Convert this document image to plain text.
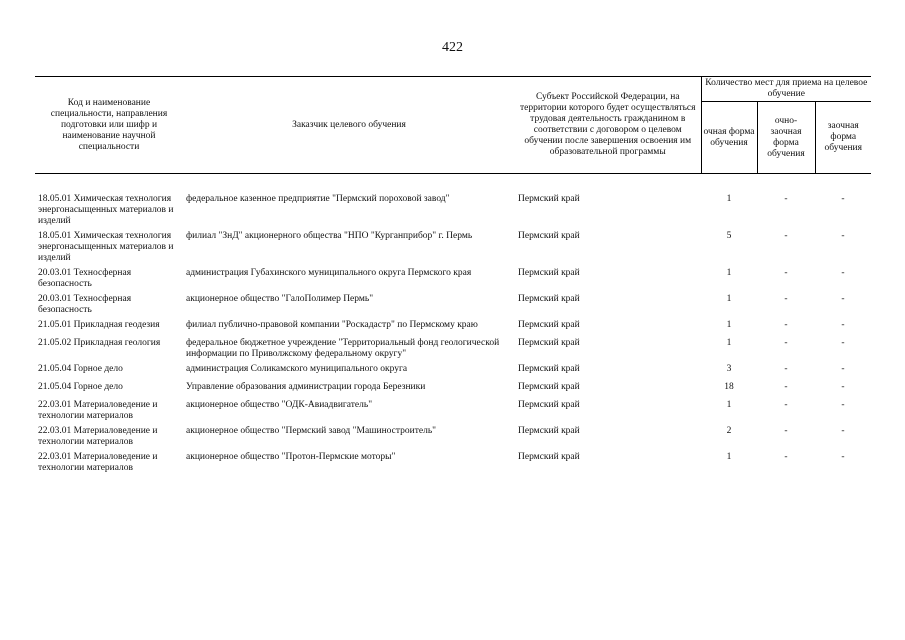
422
Код и наименование специальности, направления подготовки или шифр и наименование научной специальности	Заказчик целевого обучения	Субъект Российской Федерации, на территории которого будет осуществляться трудовая деятельность гражданином в соответствии с договором о целевом обучении после завершения освоения им образовательной программы	Количество мест для приема на целевое обучение		
			очная форма обучения	очно-заочная форма обучения	заочная форма обучения

18.05.01 Химическая технология энергонасыщенных материалов и изделий	федеральное казенное предприятие "Пермский пороховой завод"	Пермский край	1	-	-
18.05.01 Химическая технология энергонасыщенных материалов и изделий	филиал "ЗнД" акционерного общества "НПО "Курганприбор" г. Пермь	Пермский край	5	-	-
20.03.01 Техносферная безопасность	администрация Губахинского муниципального округа Пермского края	Пермский край	1	-	-
20.03.01 Техносферная безопасность	акционерное общество "ГалоПолимер Пермь"	Пермский край	1	-	-
21.05.01 Прикладная геодезия	филиал публично-правовой компании "Роскадастр" по Пермскому краю	Пермский край	1	-	-
21.05.02 Прикладная геология	федеральное бюджетное учреждение "Территориальный фонд геологической информации по Приволжскому федеральному округу"	Пермский край	1	-	-
21.05.04 Горное дело	администрация Соликамского муниципального округа	Пермский край	3	-	-
21.05.04 Горное дело	Управление образования администрации города Березники	Пермский край	18	-	-
22.03.01 Материаловедение и технологии материалов	акционерное общество "ОДК-Авиадвигатель"	Пермский край	1	-	-
22.03.01 Материаловедение и технологии материалов	акционерное общество "Пермский завод "Машиностроитель"	Пермский край	2	-	-
22.03.01 Материаловедение и технологии материалов	акционерное общество "Протон-Пермские моторы"	Пермский край	1	-	-
